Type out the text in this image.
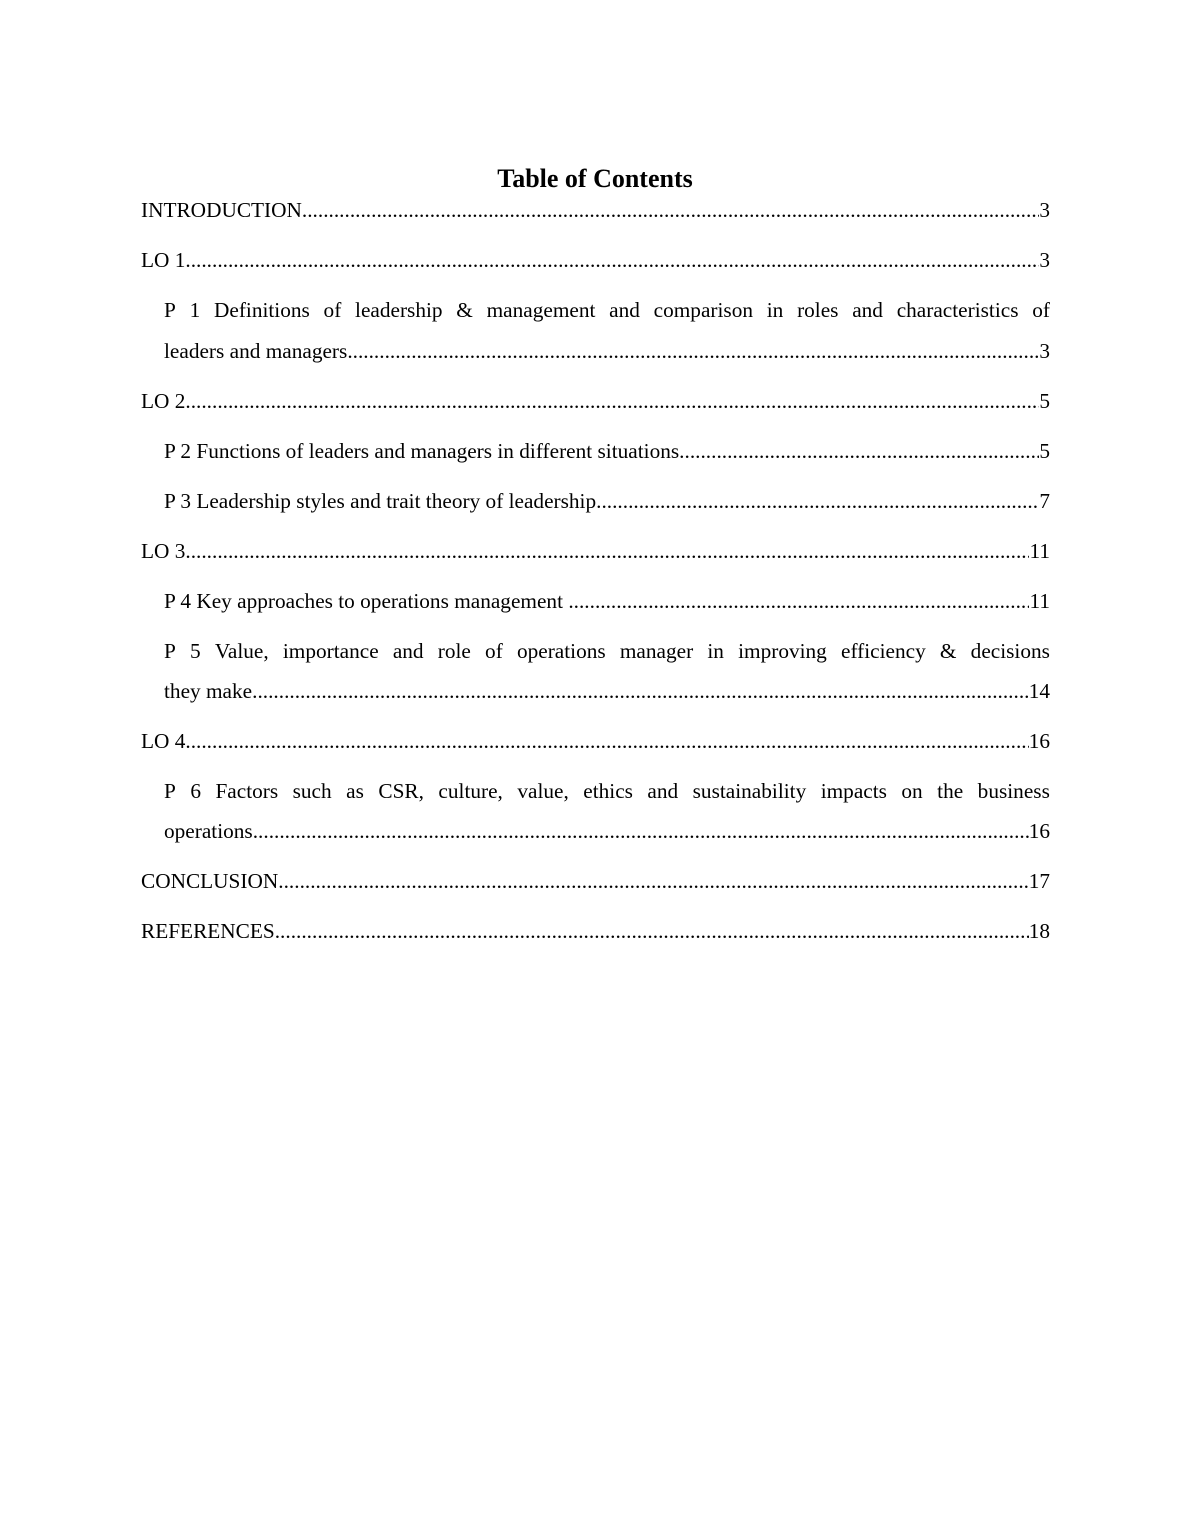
Table of Contents
INTRODUCTION .....	3
LO 1 .....	3
P 1 Definitions of leadership & management and comparison in roles and characteristics of
leaders and managers .....	3
LO 2 .....	5
P 2 Functions of leaders and managers in different situations .....	5
P 3 Leadership styles and trait theory of leadership .....	7
LO 3 .....	11
P 4 Key approaches to operations management .....	11
P 5 Value, importance and role of operations manager in improving efficiency & decisions
they make .....	14
LO 4 .....	16
P 6 Factors such as CSR, culture, value, ethics and sustainability impacts on the business
operations .....	16
CONCLUSION .....	17
REFERENCES .....	18
